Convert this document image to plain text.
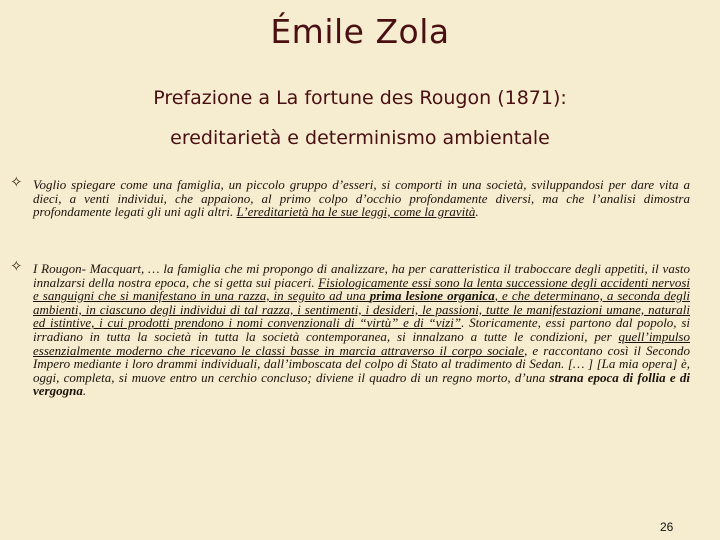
Émile Zola
Prefazione a La fortune des Rougon (1871):
ereditarietà e determinismo ambientale
✧ Voglio spiegare come una famiglia, un piccolo gruppo d’esseri, si comporti in una società, sviluppandosi per dare vita a dieci, a venti individui, che appaiono, al primo colpo d’occhio profondamente diversi, ma che l’analisi dimostra profondamente legati gli uni agli altri. L’ereditarietà ha le sue leggi, come la gravità.
✧ I Rougon- Macquart, … la famiglia che mi propongo di analizzare, ha per caratteristica il traboccare degli appetiti, il vasto innalzarsi della nostra epoca, che si getta sui piaceri. Fisiologicamente essi sono la lenta successione degli accidenti nervosi e sanguigni che si manifestano in una razza, in seguito ad una prima lesione organica, e che determinano, a seconda degli ambienti, in ciascuno degli individui di tal razza, i sentimenti, i desideri, le passioni, tutte le manifestazioni umane, naturali ed istintive, i cui prodotti prendono i nomi convenzionali di “virtù” e di “vizi”. Storicamente, essi partono dal popolo, si irradiano in tutta la società in tutta la società contemporanea, si innalzano a tutte le condizioni, per quell’impulso essenzialmente moderno che ricevano le classi basse in marcia attraverso il corpo sociale, e raccontano così il Secondo Impero mediante i loro drammi individuali, dall’imboscata del colpo di Stato al tradimento di Sedan. [… ] [La mia opera] è, oggi, completa, si muove entro un cerchio concluso; diviene il quadro di un regno morto, d’una strana epoca di follia e di vergogna.
26
